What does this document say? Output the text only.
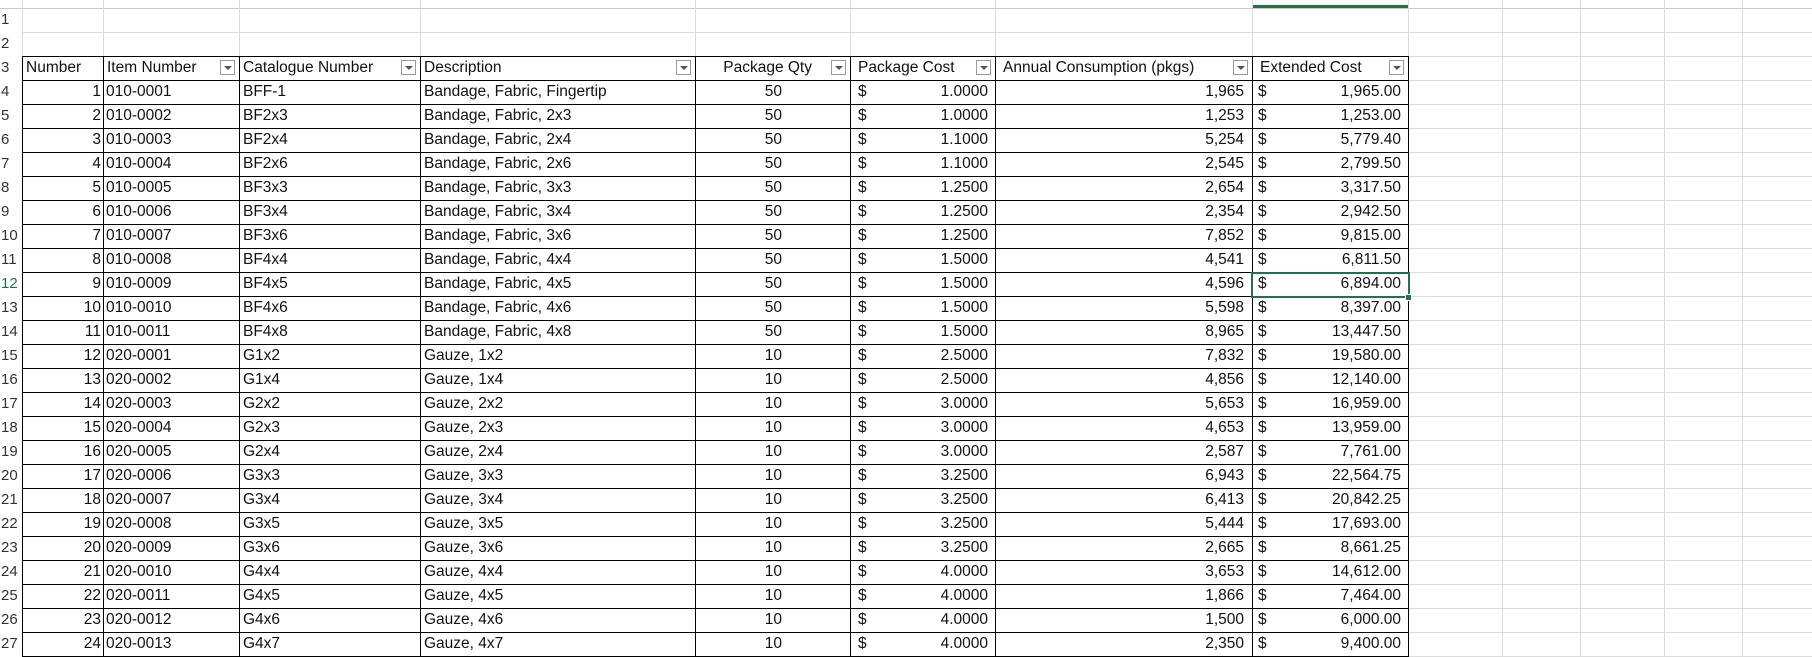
1
2
3
4
5
6
7
8
9
10
11
12
13
14
15
16
17
18
19
20
21
22
23
24
25
26
27
Number Item Number	Catalogue Number	Description	Package Qty	Package Cost	Annual Consumption (pkgs)	Extended Cost
1 010-0001	BFF-1	Bandage, Fabric, Fingertip	50	$	1.0000	1,965 $	1,965.00
2 010-0002	BF2x3	Bandage, Fabric, 2x3	50	$	1.0000	1,253 $	1,253.00
3 010-0003	BF2x4	Bandage, Fabric, 2x4	50	$	1.1000	5,254 $	5,779.40
4 010-0004	BF2x6	Bandage, Fabric, 2x6	50	$	1.1000	2,545 $	2,799.50
5 010-0005	BF3x3	Bandage, Fabric, 3x3	50	$	1.2500	2,654 $	3,317.50
6 010-0006	BF3x4	Bandage, Fabric, 3x4	50	$	1.2500	2,354 $	2,942.50
7 010-0007	BF3x6	Bandage, Fabric, 3x6	50	$	1.2500	7,852 $	9,815.00
8 010-0008	BF4x4	Bandage, Fabric, 4x4	50	$	1.5000	4,541 $	6,811.50
9 010-0009	BF4x5	Bandage, Fabric, 4x5	50	$	1.5000	4,596 $	6,894.00
10 010-0010	BF4x6	Bandage, Fabric, 4x6	50	$	1.5000	5,598 $	8,397.00
11 010-0011	BF4x8	Bandage, Fabric, 4x8	50	$	1.5000	8,965 $	13,447.50
12 020-0001	G1x2	Gauze, 1x2	10	$	2.5000	7,832 $	19,580.00
13 020-0002	G1x4	Gauze, 1x4	10	$	2.5000	4,856 $	12,140.00
14 020-0003	G2x2	Gauze, 2x2	10	$	3.0000	5,653 $	16,959.00
15 020-0004	G2x3	Gauze, 2x3	10	$	3.0000	4,653 $	13,959.00
16 020-0005	G2x4	Gauze, 2x4	10	$	3.0000	2,587 $	7,761.00
17 020-0006	G3x3	Gauze, 3x3	10	$	3.2500	6,943 $	22,564.75
18 020-0007	G3x4	Gauze, 3x4	10	$	3.2500	6,413 $	20,842.25
19 020-0008	G3x5	Gauze, 3x5	10	$	3.2500	5,444 $	17,693.00
20 020-0009	G3x6	Gauze, 3x6	10	$	3.2500	2,665 $	8,661.25
21 020-0010	G4x4	Gauze, 4x4	10	$	4.0000	3,653 $	14,612.00
22 020-0011	G4x5	Gauze, 4x5	10	$	4.0000	1,866 $	7,464.00
23 020-0012	G4x6	Gauze, 4x6	10	$	4.0000	1,500 $	6,000.00
24 020-0013	G4x7	Gauze, 4x7	10	$	4.0000	2,350 $	9,400.00
